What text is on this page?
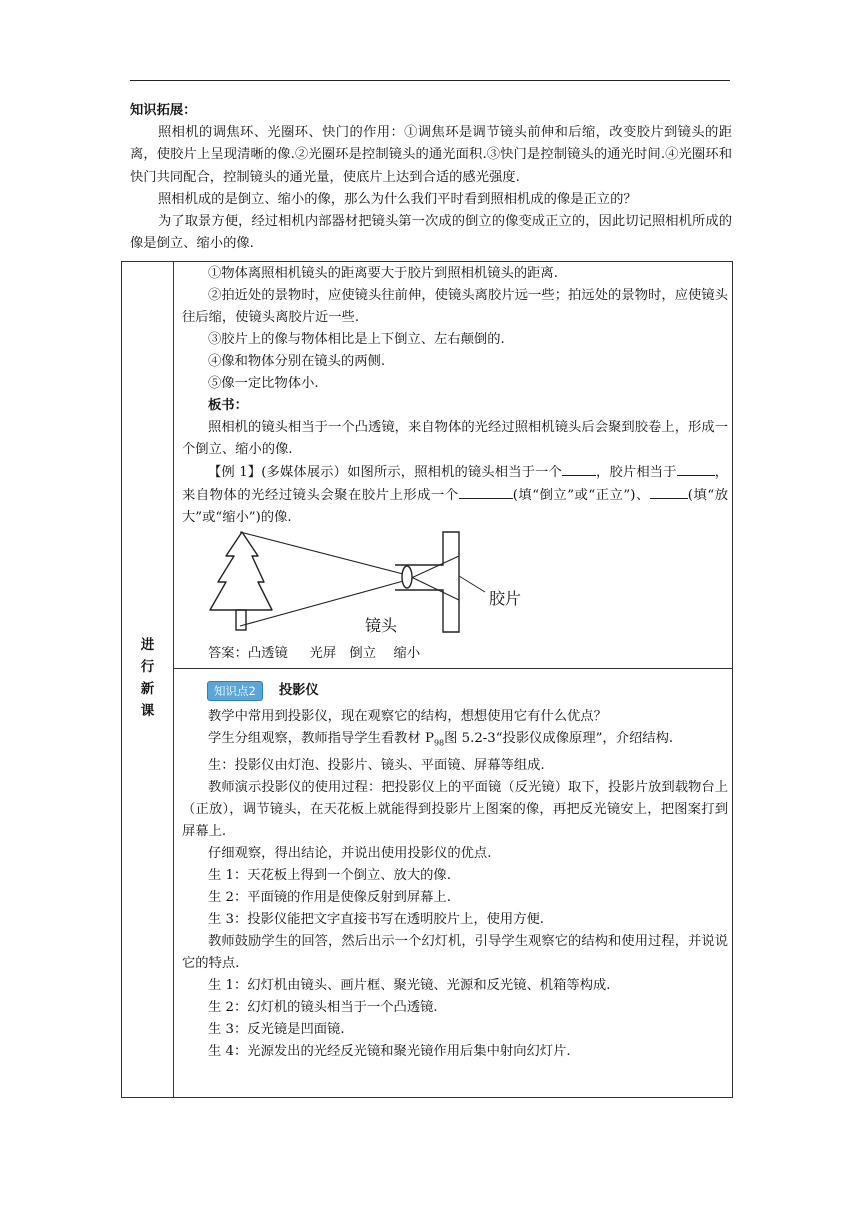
知识拓展：

照相机的调焦环、光圈环、快门的作用：①调焦环是调节镜头前伸和后缩，改变胶片到镜头的距离，使胶片上呈现清晰的像.②光圈环是控制镜头的通光面积.③快门是控制镜头的通光时间.④光圈环和快门共同配合，控制镜头的通光量，使底片上达到合适的感光强度.

照相机成的是倒立、缩小的像，那么为什么我们平时看到照相机成的像是正立的？

为了取景方便，经过相机内部器材把镜头第一次成的倒立的像变成正立的，因此切记照相机所成的像是倒立、缩小的像.

进
行
新
课

①物体离照相机镜头的距离要大于胶片到照相机镜头的距离.

②拍近处的景物时，应使镜头往前伸，使镜头离胶片远一些；拍远处的景物时，应使镜头往后缩，使镜头离胶片近一些.

③胶片上的像与物体相比是上下倒立、左右颠倒的.

④像和物体分别在镜头的两侧.

⑤像一定比物体小.

板书：

照相机的镜头相当于一个凸透镜，来自物体的光经过照相机镜头后会聚到胶卷上，形成一个倒立、缩小的像.

【例 1】(多媒体展示）如图所示，照相机的镜头相当于一个	，胶片相当于	，来自物体的光经过镜头会聚在胶片上形成一个	(填“倒立”或“正立”)、	(填“放大”或“缩小”)的像.

镜头
胶片

答案：凸透镜　  光屏　倒立　 缩小

知识点2	投影仪

教学中常用到投影仪，现在观察它的结构，想想使用它有什么优点？

学生分组观察，教师指导学生看教材 $P_{98}$图 5.2-3“投影仪成像原理”，介绍结构.

生：投影仪由灯泡、投影片、镜头、平面镜、屏幕等组成.

教师演示投影仪的使用过程：把投影仪上的平面镜（反光镜）取下，投影片放到载物台上（正放），调节镜头，在天花板上就能得到投影片上图案的像，再把反光镜安上，把图案打到屏幕上.

仔细观察，得出结论，并说出使用投影仪的优点.

生 1：天花板上得到一个倒立、放大的像.

生 2：平面镜的作用是使像反射到屏幕上.

生 3：投影仪能把文字直接书写在透明胶片上，使用方便.

教师鼓励学生的回答，然后出示一个幻灯机，引导学生观察它的结构和使用过程，并说说它的特点.

生 1：幻灯机由镜头、画片框、聚光镜、光源和反光镜、机箱等构成.

生 2：幻灯机的镜头相当于一个凸透镜.

生 3：反光镜是凹面镜.

生 4：光源发出的光经反光镜和聚光镜作用后集中射向幻灯片.
